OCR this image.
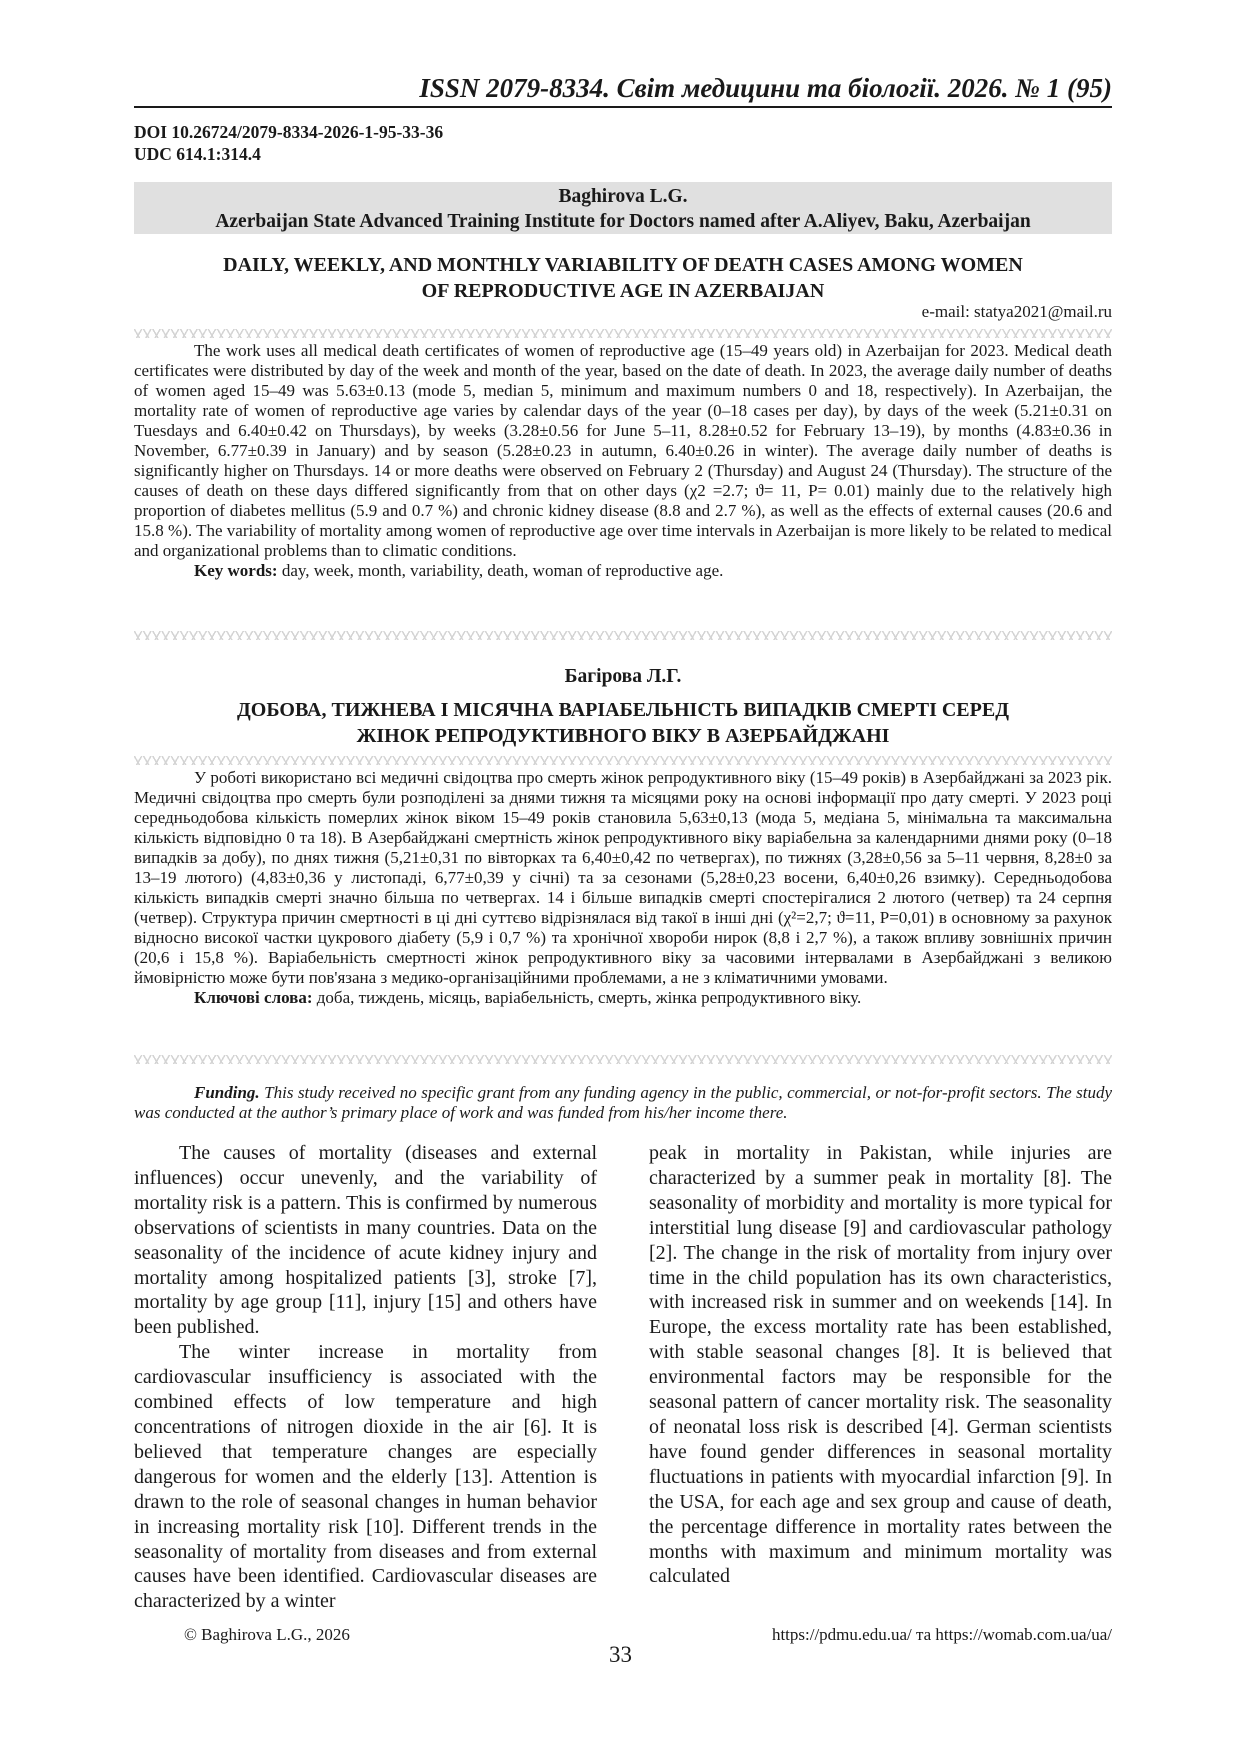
ISSN 2079-8334. Світ медицини та біології. 2026. № 1 (95)
DOI 10.26724/2079-8334-2026-1-95-33-36
UDC 614.1:314.4
Baghirova L.G.
Azerbaijan State Advanced Training Institute for Doctors named after A.Aliyev, Baku, Azerbaijan
DAILY, WEEKLY, AND MONTHLY VARIABILITY OF DEATH CASES AMONG WOMEN
OF REPRODUCTIVE AGE IN AZERBAIJAN
e-mail: statya2021@mail.ru

The work uses all medical death certificates of women of reproductive age (15–49 years old) in Azerbaijan for 2023. Medical death certificates were distributed by day of the week and month of the year, based on the date of death. In 2023, the average daily number of deaths of women aged 15–49 was 5.63±0.13 (mode 5, median 5, minimum and maximum numbers 0 and 18, respectively). In Azerbaijan, the mortality rate of women of reproductive age varies by calendar days of the year (0–18 cases per day), by days of the week (5.21±0.31 on Tuesdays and 6.40±0.42 on Thursdays), by weeks (3.28±0.56 for June 5–11, 8.28±0.52 for February 13–19), by months (4.83±0.36 in November, 6.77±0.39 in January) and by season (5.28±0.23 in autumn, 6.40±0.26 in winter). The average daily number of deaths is significantly higher on Thursdays. 14 or more deaths were observed on February 2 (Thursday) and August 24 (Thursday). The structure of the causes of death on these days differed significantly from that on other days (χ2 =2.7; ϑ= 11, P= 0.01) mainly due to the relatively high proportion of diabetes mellitus (5.9 and 0.7 %) and chronic kidney disease (8.8 and 2.7 %), as well as the effects of external causes (20.6 and 15.8 %). The variability of mortality among women of reproductive age over time intervals in Azerbaijan is more likely to be related to medical and organizational problems than to climatic conditions.

Key words: day, week, month, variability, death, woman of reproductive age.
Багірова Л.Г.
ДОБОВА, ТИЖНЕВА І МІСЯЧНА ВАРІАБЕЛЬНІСТЬ ВИПАДКІВ СМЕРТІ СЕРЕД
ЖІНОК РЕПРОДУКТИВНОГО ВІКУ В АЗЕРБАЙДЖАНІ

У роботі використано всі медичні свідоцтва про смерть жінок репродуктивного віку (15–49 років) в Азербайджані за 2023 рік. Медичні свідоцтва про смерть були розподілені за днями тижня та місяцями року на основі інформації про дату смерті. У 2023 році середньодобова кількість померлих жінок віком 15–49 років становила 5,63±0,13 (мода 5, медіана 5, мінімальна та максимальна кількість відповідно 0 та 18). В Азербайджані смертність жінок репродуктивного віку варіабельна за календарними днями року (0–18 випадків за добу), по днях тижня (5,21±0,31 по вівторках та 6,40±0,42 по четвергах), по тижнях (3,28±0,56 за 5–11 червня, 8,28±0 за 13–19 лютого) (4,83±0,36 у листопаді, 6,77±0,39 у січні) та за сезонами (5,28±0,23 восени, 6,40±0,26 взимку). Середньодобова кількість випадків смерті значно більша по четвергах. 14 і більше випадків смерті спостерігалися 2 лютого (четвер) та 24 серпня (четвер). Структура причин смертності в ці дні суттєво відрізнялася від такої в інші дні (χ²=2,7; ϑ=11, P=0,01) в основному за рахунок відносно високої частки цукрового діабету (5,9 і 0,7 %) та хронічної хвороби нирок (8,8 і 2,7 %), а також впливу зовнішніх причин (20,6 і 15,8 %). Варіабельність смертності жінок репродуктивного віку за часовими інтервалами в Азербайджані з великою ймовірністю може бути пов'язана з медико-організаційними проблемами, а не з кліматичними умовами.

Ключові слова: доба, тиждень, місяць, варіабельність, смерть, жінка репродуктивного віку.

Funding. This study received no specific grant from any funding agency in the public, commercial, or not-for-profit sectors. The study was conducted at the author’s primary place of work and was funded from his/her income there.

The causes of mortality (diseases and external influences) occur unevenly, and the variability of mortality risk is a pattern. This is confirmed by numerous observations of scientists in many countries. Data on the seasonality of the incidence of acute kidney injury and mortality among hospitalized patients [3], stroke [7], mortality by age group [11], injury [15] and others have been published.

The winter increase in mortality from cardiovascular insufficiency is associated with the combined effects of low temperature and high concentrations of nitrogen dioxide in the air [6]. It is believed that temperature changes are especially dangerous for women and the elderly [13]. Attention is drawn to the role of seasonal changes in human behavior in increasing mortality risk [10]. Different trends in the seasonality of mortality from diseases and from external causes have been identified. Cardiovascular diseases are characterized by a winter

peak in mortality in Pakistan, while injuries are characterized by a summer peak in mortality [8]. The seasonality of morbidity and mortality is more typical for interstitial lung disease [9] and cardiovascular pathology [2]. The change in the risk of mortality from injury over time in the child population has its own characteristics, with increased risk in summer and on weekends [14]. In Europe, the excess mortality rate has been established, with stable seasonal changes [8]. It is believed that environmental factors may be responsible for the seasonal pattern of cancer mortality risk. The seasonality of neonatal loss risk is described [4]. German scientists have found gender differences in seasonal mortality fluctuations in patients with myocardial infarction [9]. In the USA, for each age and sex group and cause of death, the percentage difference in mortality rates between the months with maximum and minimum mortality was calculated

© Baghirova L.G., 2026	https://pdmu.edu.ua/ та https://womab.com.ua/ua/
33
